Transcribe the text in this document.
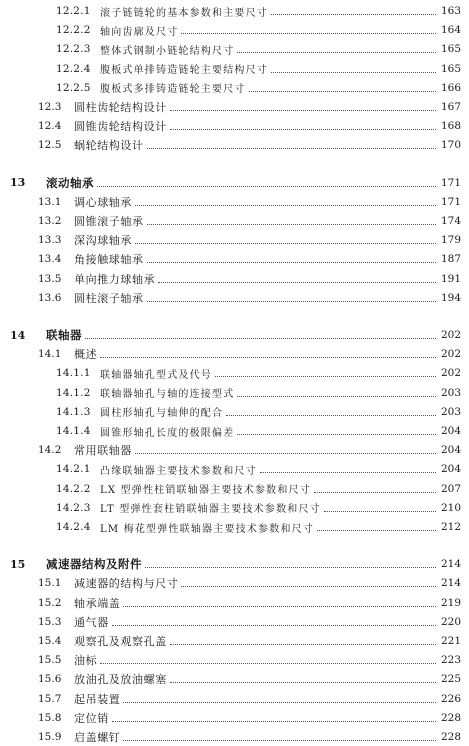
12.2.1 滚子链链轮的基本参数和主要尺寸	163
12.2.2 轴向齿廓及尺寸	164
12.2.3 整体式钢制小链轮结构尺寸	165
12.2.4 腹板式单排铸造链轮主要结构尺寸	165
12.2.5 腹板式多排铸造链轮主要尺寸	166
12.3	圆柱齿轮结构设计	167
12.4	圆锥齿轮结构设计	168
12.5	蜗轮结构设计	170
13	滚动轴承	171
13.1	调心球轴承	171
13.2	圆锥滚子轴承	174
13.3	深沟球轴承	179
13.4	角接触球轴承	187
13.5	单向推力球轴承	191
13.6	圆柱滚子轴承	194
14	联轴器	202
14.1	概述	202
14.1.1 联轴器轴孔型式及代号	202
14.1.2 联轴器轴孔与轴的连接型式	203
14.1.3 圆柱形轴孔与轴伸的配合	203
14.1.4 圆锥形轴孔长度的极限偏差	204
14.2	常用联轴器	204
14.2.1 凸缘联轴器主要技术参数和尺寸	204
14.2.2 LX 型弹性柱销联轴器主要技术参数和尺寸	207
14.2.3 LT 型弹性套柱销联轴器主要技术参数和尺寸	210
14.2.4 LM 梅花型弹性联轴器主要技术参数和尺寸	212
15	减速器结构及附件	214
15.1	减速器的结构与尺寸	214
15.2	轴承端盖	219
15.3	通气器	220
15.4	观察孔及观察孔盖	221
15.5	油标	223
15.6	放油孔及放油螺塞	225
15.7	起吊装置	226
15.8	定位销	228
15.9	启盖螺钉	228
